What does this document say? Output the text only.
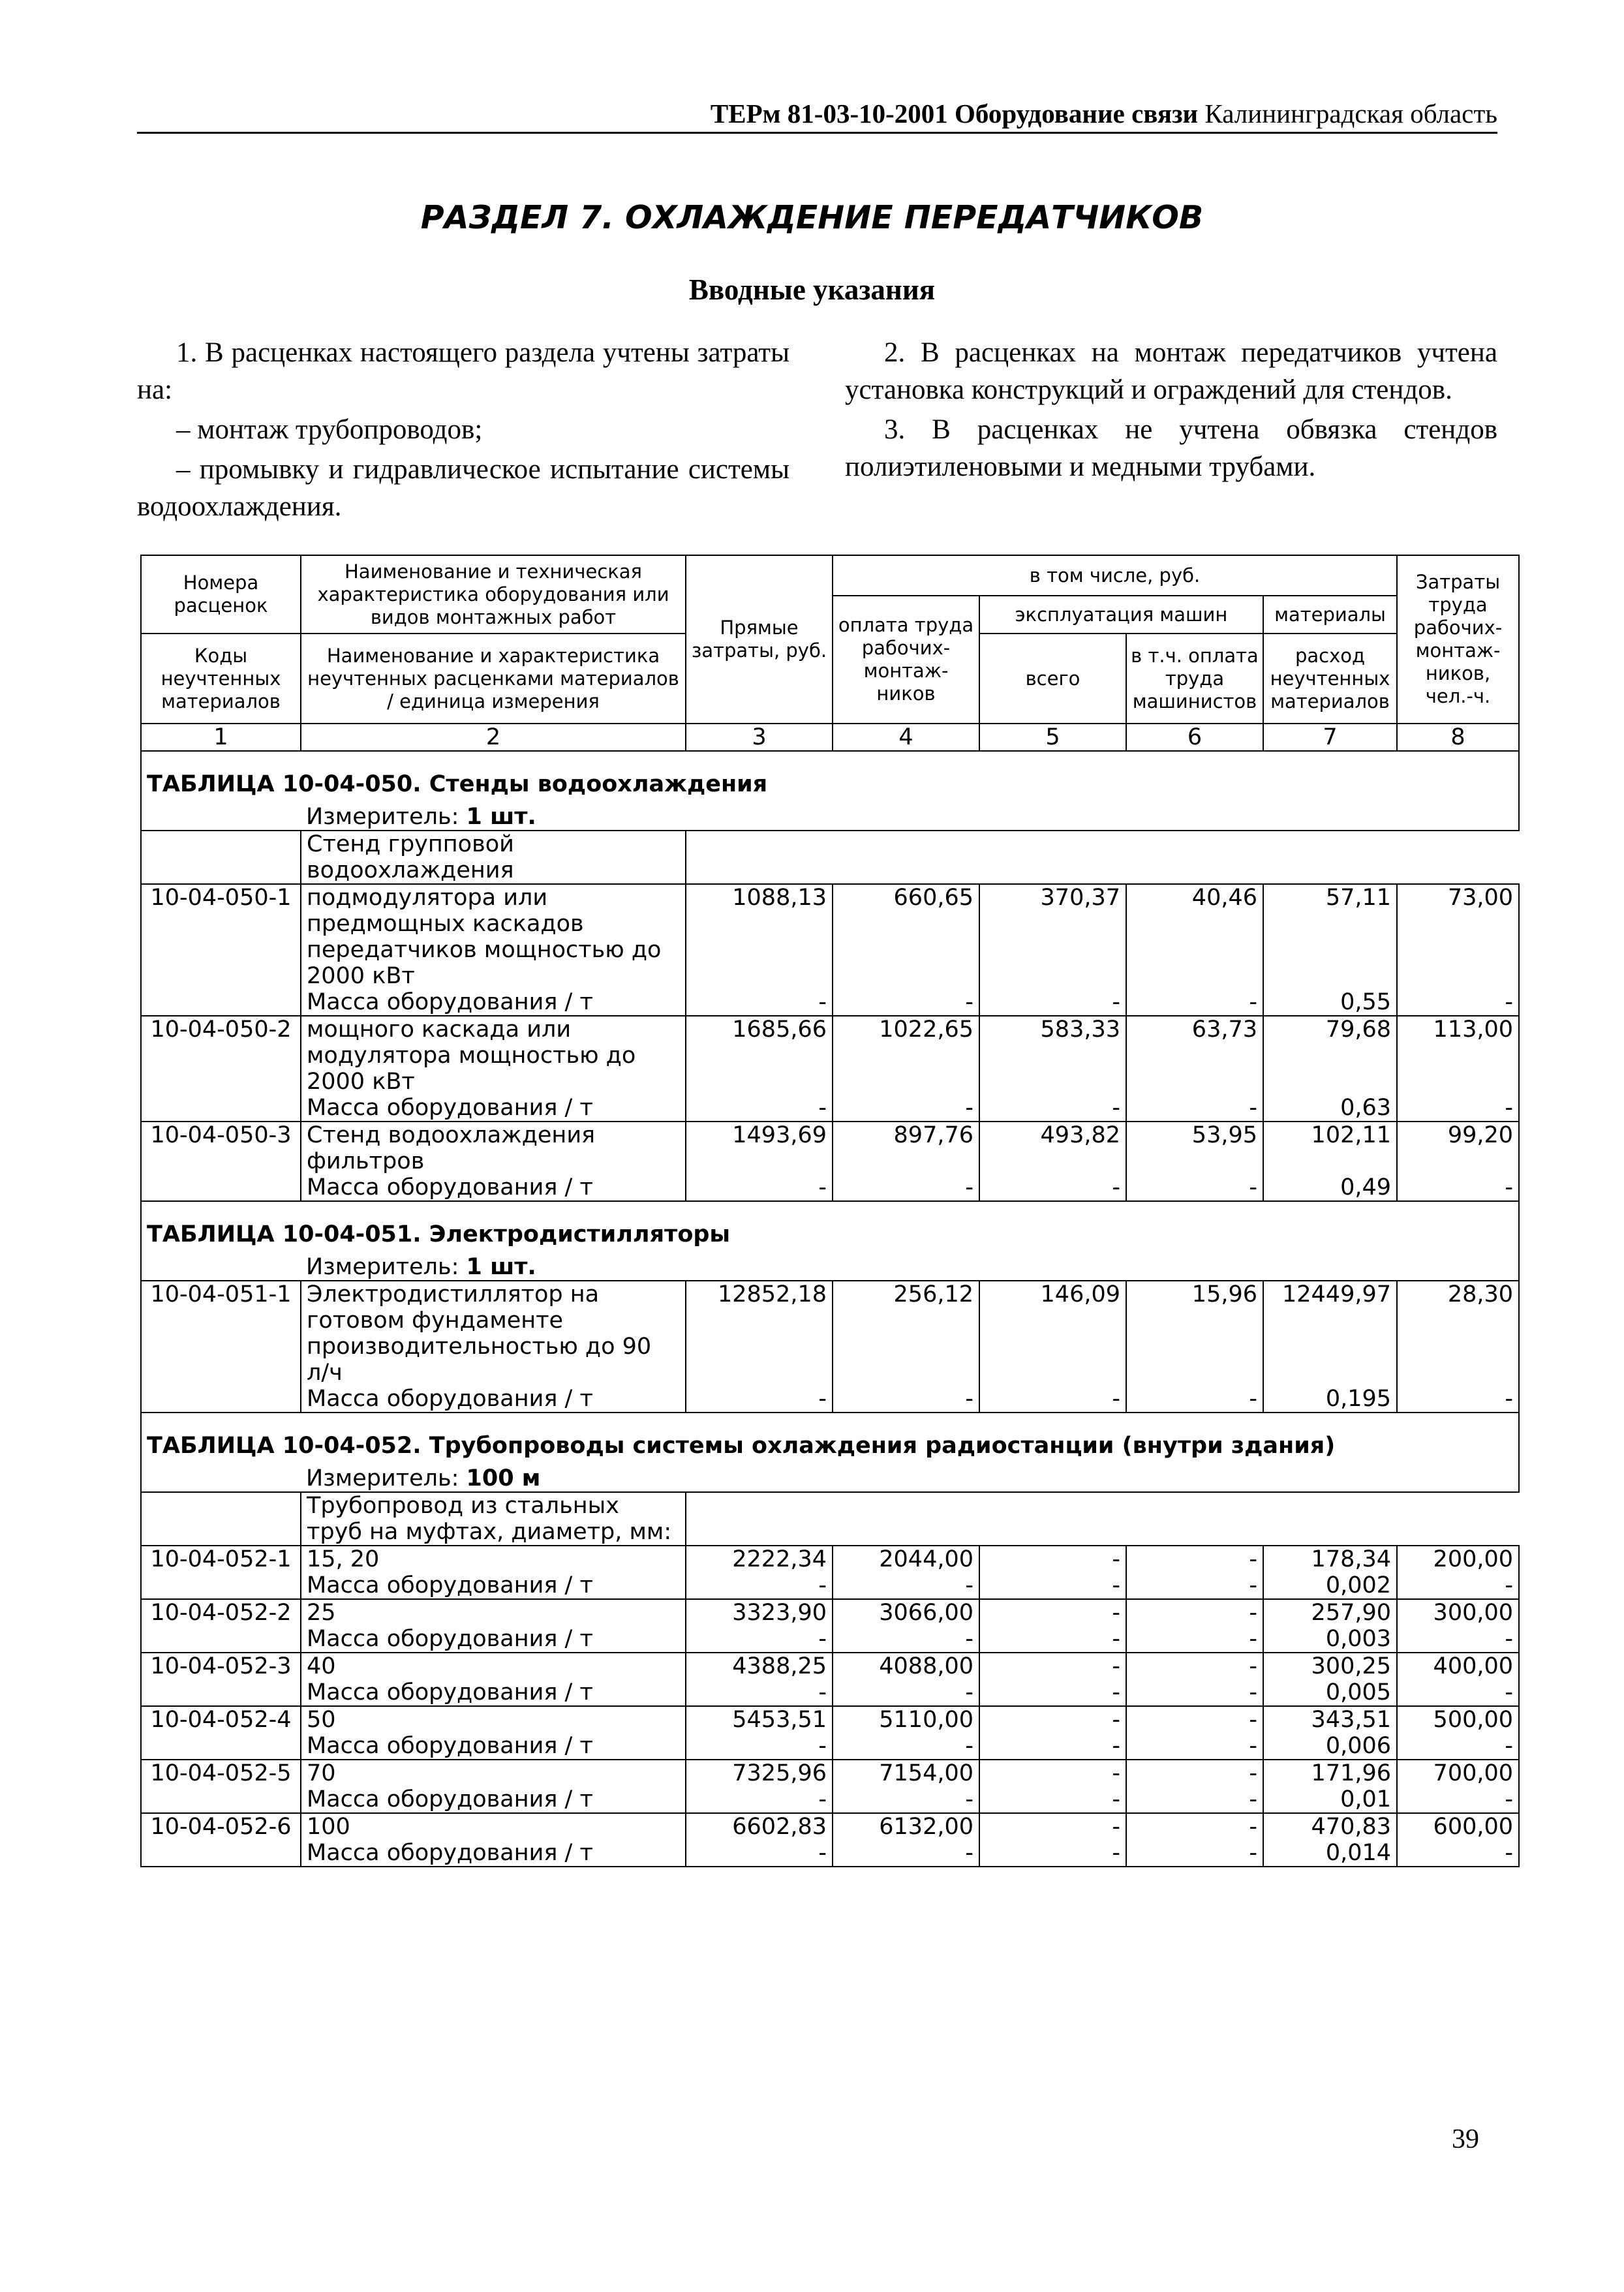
ТЕРм 81-03-10-2001 Оборудование связи Калининградская область
РАЗДЕЛ 7. ОХЛАЖДЕНИЕ ПЕРЕДАТЧИКОВ
Вводные указания

1. В расценках настоящего раздела учтены затраты на:

– монтаж трубопроводов;

– промывку и гидравлическое испытание системы водоохлаждения.

2. В расценках на монтаж передатчиков учтена установка конструкций и ограждений для стендов.

3. В расценках не учтена обвязка стендов полиэтиленовыми и медными трубами.

Номера расценок	Наименование и техническая характеристика оборудования или видов монтажных работ	Прямые затраты, руб.	в том числе, руб.				Затраты труда рабочих-монтаж-ников, чел.-ч.
			оплата труда рабочих-монтаж-ников	эксплуатация машин		материалы	
Коды неучтенных материалов	Наименование и характеристика неучтенных расценками материалов / единица измерения			всего	в т.ч. оплата труда машинистов	расход неучтенных материалов	

1	2	3	4	5	6	7	8
ТАБЛИЦА 10-04-050. Стенды водоохлаждения							
	Измеритель: 1 шт.						
	Стенд групповой водоохлаждения						
10-04-050-1	подмодулятора или предмощных каскадов передатчиков мощностью до 2000 кВт	1088,13	660,65	370,37	40,46	57,11	73,00
	Масса оборудования / т	-	-	-	-	0,55	-
10-04-050-2	мощного каскада или модулятора мощностью до 2000 кВт	1685,66	1022,65	583,33	63,73	79,68	113,00
	Масса оборудования / т	-	-	-	-	0,63	-
10-04-050-3	Стенд водоохлаждения фильтров	1493,69	897,76	493,82	53,95	102,11	99,20
	Масса оборудования / т	-	-	-	-	0,49	-
ТАБЛИЦА 10-04-051. Электродистилляторы							
	Измеритель: 1 шт.						
10-04-051-1	Электродистиллятор на готовом фундаменте производительностью до 90 л/ч	12852,18	256,12	146,09	15,96	12449,97	28,30
	Масса оборудования / т	-	-	-	-	0,195	-
ТАБЛИЦА 10-04-052. Трубопроводы системы охлаждения радиостанции (внутри здания)							
	Измеритель: 100 м						
	Трубопровод из стальных труб на муфтах, диаметр, мм:						
10-04-052-1	15, 20	2222,34	2044,00	-	-	178,34	200,00
	Масса оборудования / т	-	-	-	-	0,002	-
10-04-052-2	25	3323,90	3066,00	-	-	257,90	300,00
	Масса оборудования / т	-	-	-	-	0,003	-
10-04-052-3	40	4388,25	4088,00	-	-	300,25	400,00
	Масса оборудования / т	-	-	-	-	0,005	-
10-04-052-4	50	5453,51	5110,00	-	-	343,51	500,00
	Масса оборудования / т	-	-	-	-	0,006	-
10-04-052-5	70	7325,96	7154,00	-	-	171,96	700,00
	Масса оборудования / т	-	-	-	-	0,01	-
10-04-052-6	100	6602,83	6132,00	-	-	470,83	600,00
	Масса оборудования / т	-	-	-	-	0,014	-
39
